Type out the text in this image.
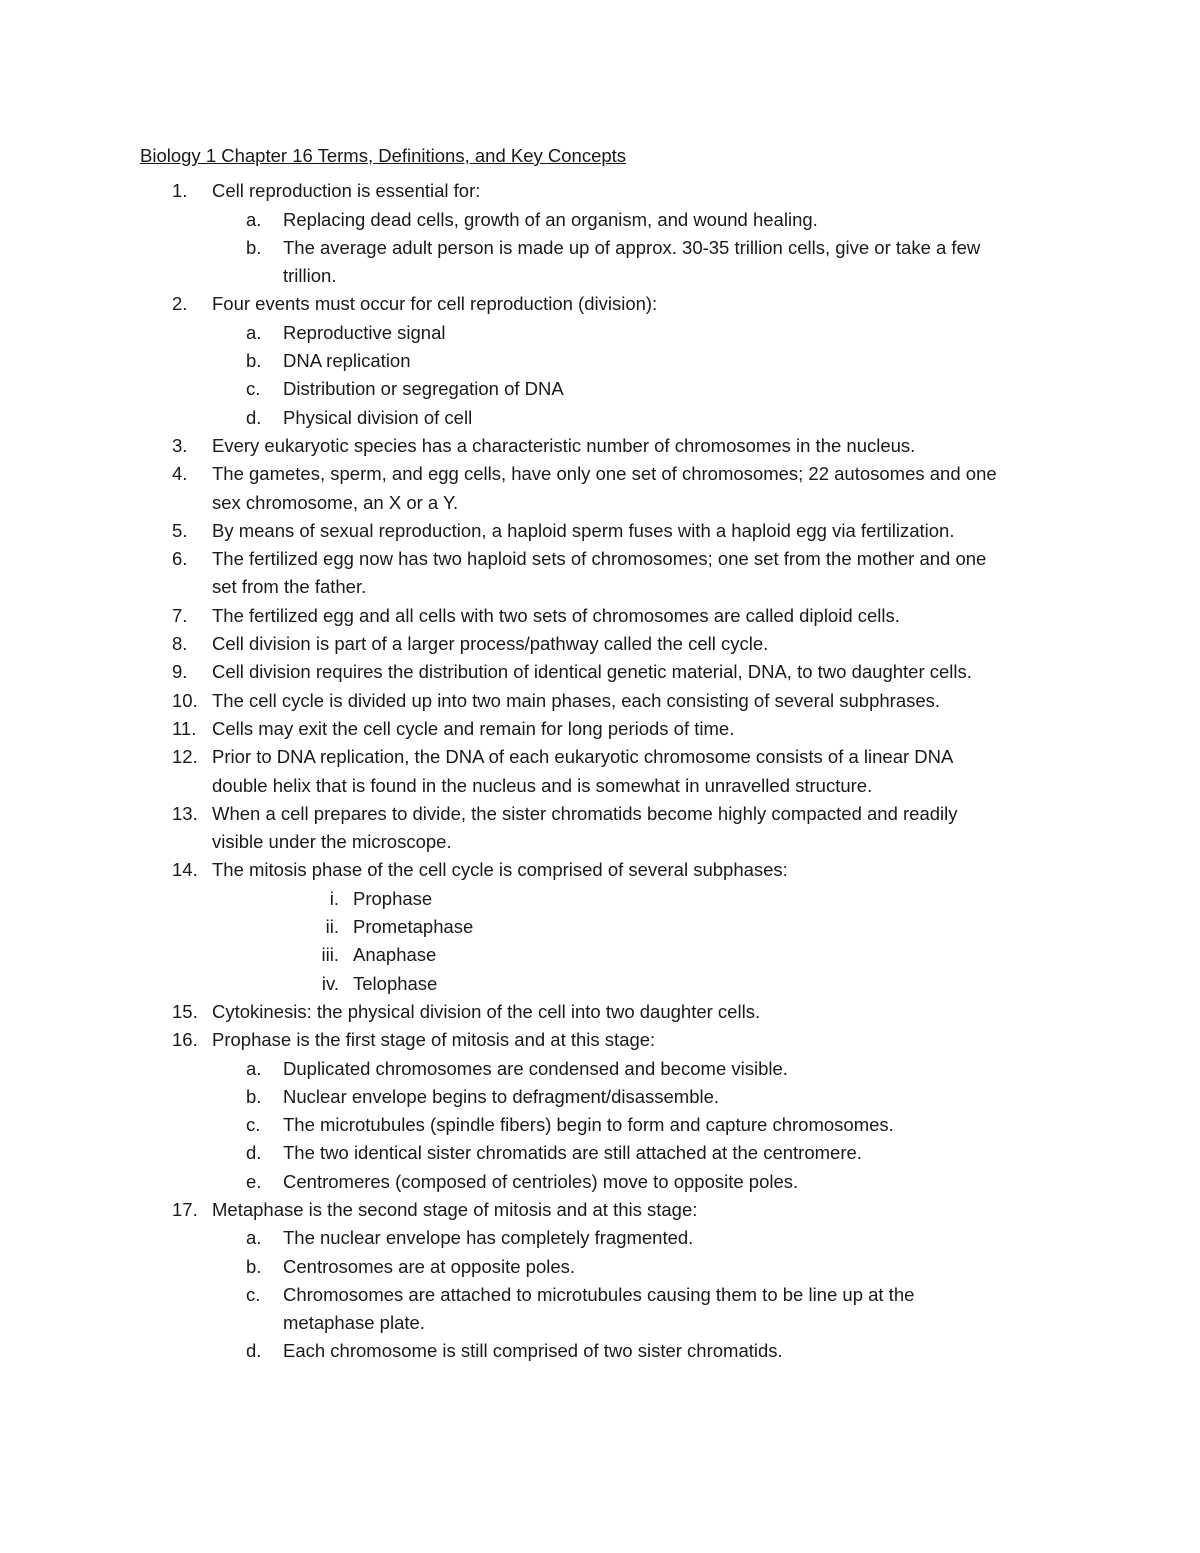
Biology 1 Chapter 16 Terms, Definitions, and Key Concepts
1.	Cell reproduction is essential for:
a.	Replacing dead cells, growth of an organism, and wound healing.
b.	The average adult person is made up of approx. 30-35 trillion cells, give or take a few
trillion.
2.	Four events must occur for cell reproduction (division):
a.	Reproductive signal
b.	DNA replication
c.	Distribution or segregation of DNA
d.	Physical division of cell
3.	Every eukaryotic species has a characteristic number of chromosomes in the nucleus.
4.	The gametes, sperm, and egg cells, have only one set of chromosomes; 22 autosomes and one
sex chromosome, an X or a Y.
5.	By means of sexual reproduction, a haploid sperm fuses with a haploid egg via fertilization.
6.	The fertilized egg now has two haploid sets of chromosomes; one set from the mother and one
set from the father.
7.	The fertilized egg and all cells with two sets of chromosomes are called diploid cells.
8.	Cell division is part of a larger process/pathway called the cell cycle.
9.	Cell division requires the distribution of identical genetic material, DNA, to two daughter cells.
10. The cell cycle is divided up into two main phases, each consisting of several subphrases.
11. Cells may exit the cell cycle and remain for long periods of time.
12. Prior to DNA replication, the DNA of each eukaryotic chromosome consists of a linear DNA
double helix that is found in the nucleus and is somewhat in unravelled structure.
13. When a cell prepares to divide, the sister chromatids become highly compacted and readily
visible under the microscope.
14. The mitosis phase of the cell cycle is comprised of several subphases:
i. Prophase
ii. Prometaphase
iii. Anaphase
iv. Telophase
15. Cytokinesis: the physical division of the cell into two daughter cells.
16. Prophase is the first stage of mitosis and at this stage:
a.	Duplicated chromosomes are condensed and become visible.
b.	Nuclear envelope begins to defragment/disassemble.
c.	The microtubules (spindle fibers) begin to form and capture chromosomes.
d.	The two identical sister chromatids are still attached at the centromere.
e.	Centromeres (composed of centrioles) move to opposite poles.
17. Metaphase is the second stage of mitosis and at this stage:
a.	The nuclear envelope has completely fragmented.
b.	Centrosomes are at opposite poles.
c.	Chromosomes are attached to microtubules causing them to be line up at the
metaphase plate.
d.	Each chromosome is still comprised of two sister chromatids.
